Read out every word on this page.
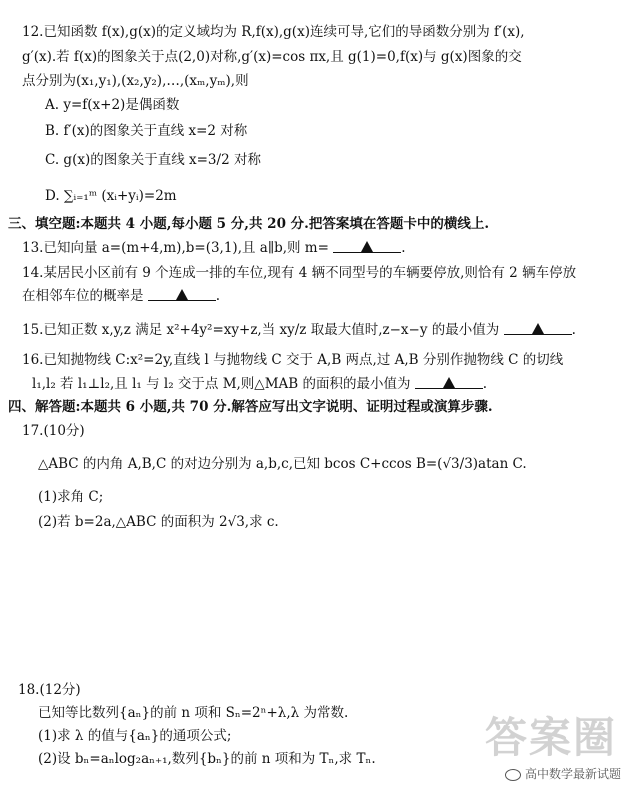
12.已知函数 f(x),g(x)的定义域均为 R,f(x),g(x)连续可导,它们的导函数分别为 f′(x),
g′(x).若 f(x)的图象关于点(2,0)对称,g′(x)=cos πx,且 g(1)=0,f(x)与 g(x)图象的交
点分别为(x₁,y₁),(x₂,y₂),…,(xₘ,yₘ),则
A. y=f(x+2)是偶函数
B. f′(x)的图象关于直线 x=2 对称
C. g(x)的图象关于直线 x=3/2 对称
D. ∑ᵢ₌₁ᵐ (xᵢ+yᵢ)=2m
三、填空题:本题共 4 小题,每小题 5 分,共 20 分.把答案填在答题卡中的横线上.
13.已知向量 a=(m+4,m),b=(3,1),且 a∥b,则 m=	.
14.某居民小区前有 9 个连成一排的车位,现有 4 辆不同型号的车辆要停放,则恰有 2 辆车停放
在相邻车位的概率是	.
15.已知正数 x,y,z 满足 x²+4y²=xy+z,当 xy/z 取最大值时,z−x−y 的最小值为	.
16.已知抛物线 C:x²=2y,直线 l 与抛物线 C 交于 A,B 两点,过 A,B 分别作抛物线 C 的切线
l₁,l₂ 若 l₁⊥l₂,且 l₁ 与 l₂ 交于点 M,则△MAB 的面积的最小值为	.
四、解答题:本题共 6 小题,共 70 分.解答应写出文字说明、证明过程或演算步骤.
17.(10分)
△ABC 的内角 A,B,C 的对边分别为 a,b,c,已知 bcos C+ccos B=(√3/3)atan C.
(1)求角 C;
(2)若 b=2a,△ABC 的面积为 2√3,求 c.
18.(12分)
已知等比数列{aₙ}的前 n 项和 Sₙ=2ⁿ+λ,λ 为常数.
(1)求 λ 的值与{aₙ}的通项公式;
(2)设 bₙ=aₙlog₂aₙ₊₁,数列{bₙ}的前 n 项和为 Tₙ,求 Tₙ.	答案圈
高中数学最新试题
